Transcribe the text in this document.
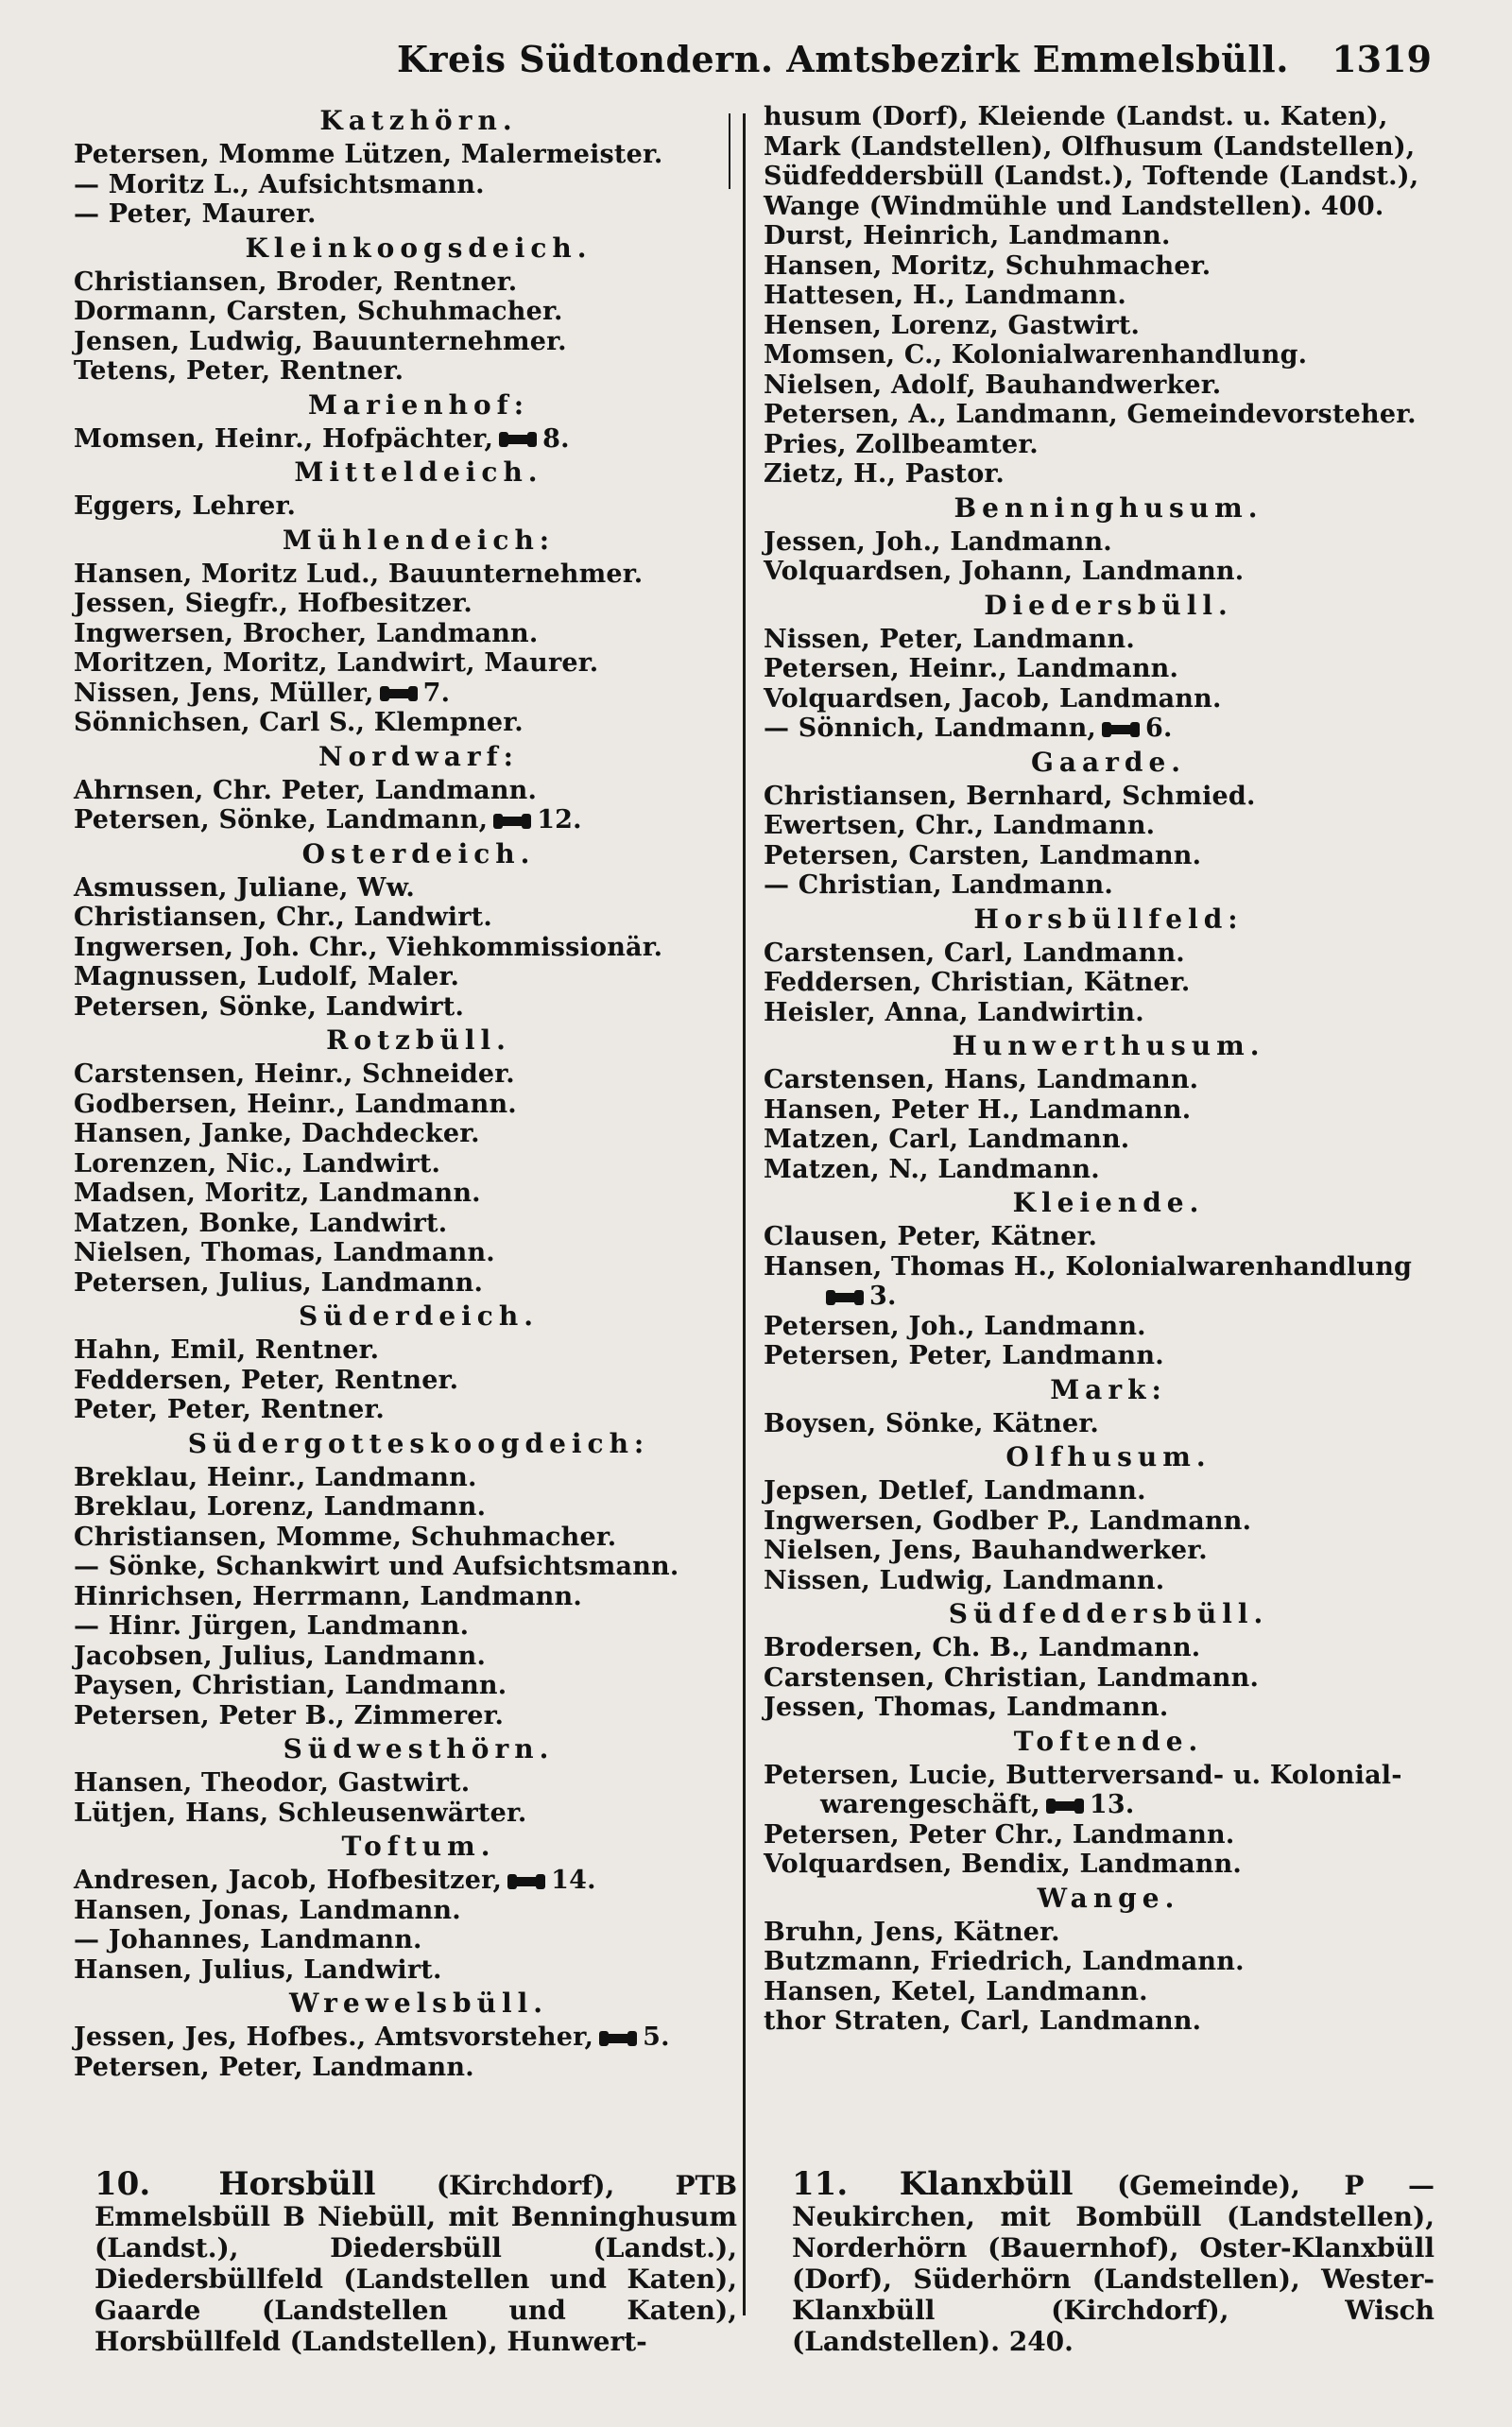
Kreis Südtondern. Amtsbezirk Emmelsbüll. 1319
Katzhörn.
Petersen, Momme Lützen, Malermeister.
— Moritz L., Aufsichtsmann.
— Peter, Maurer.
Kleinkoogsdeich.
Christiansen, Broder, Rentner.
Dormann, Carsten, Schuhmacher.
Jensen, Ludwig, Bauunternehmer.
Tetens, Peter, Rentner.
Marienhof:
Momsen, Heinr., Hofpächter, 8.
Mitteldeich.
Eggers, Lehrer.
Mühlendeich:
Hansen, Moritz Lud., Bauunternehmer.
Jessen, Siegfr., Hofbesitzer.
Ingwersen, Brocher, Landmann.
Moritzen, Moritz, Landwirt, Maurer.
Nissen, Jens, Müller, 7.
Sönnichsen, Carl S., Klempner.
Nordwarf:
Ahrnsen, Chr. Peter, Landmann.
Petersen, Sönke, Landmann, 12.
Osterdeich.
Asmussen, Juliane, Ww.
Christiansen, Chr., Landwirt.
Ingwersen, Joh. Chr., Viehkommissionär.
Magnussen, Ludolf, Maler.
Petersen, Sönke, Landwirt.
Rotzbüll.
Carstensen, Heinr., Schneider.
Godbersen, Heinr., Landmann.
Hansen, Janke, Dachdecker.
Lorenzen, Nic., Landwirt.
Madsen, Moritz, Landmann.
Matzen, Bonke, Landwirt.
Nielsen, Thomas, Landmann.
Petersen, Julius, Landmann.
Süderdeich.
Hahn, Emil, Rentner.
Feddersen, Peter, Rentner.
Peter, Peter, Rentner.
Südergotteskoogdeich:
Breklau, Heinr., Landmann.
Breklau, Lorenz, Landmann.
Christiansen, Momme, Schuhmacher.
— Sönke, Schankwirt und Aufsichtsmann.
Hinrichsen, Herrmann, Landmann.
— Hinr. Jürgen, Landmann.
Jacobsen, Julius, Landmann.
Paysen, Christian, Landmann.
Petersen, Peter B., Zimmerer.
Südwesthörn.
Hansen, Theodor, Gastwirt.
Lütjen, Hans, Schleusenwärter.
Toftum.
Andresen, Jacob, Hofbesitzer, 14.
Hansen, Jonas, Landmann.
— Johannes, Landmann.
Hansen, Julius, Landwirt.
Wrewelsbüll.
Jessen, Jes, Hofbes., Amtsvorsteher, 5.
Petersen, Peter, Landmann.
husum (Dorf), Kleiende (Landst. u. Katen),
Mark (Landstellen), Olfhusum (Landstellen),
Südfeddersbüll (Landst.), Toftende (Landst.),
Wange (Windmühle und Landstellen). 400.
Durst, Heinrich, Landmann.
Hansen, Moritz, Schuhmacher.
Hattesen, H., Landmann.
Hensen, Lorenz, Gastwirt.
Momsen, C., Kolonialwarenhandlung.
Nielsen, Adolf, Bauhandwerker.
Petersen, A., Landmann, Gemeindevorsteher.
Pries, Zollbeamter.
Zietz, H., Pastor.
Benninghusum.
Jessen, Joh., Landmann.
Volquardsen, Johann, Landmann.
Diedersbüll.
Nissen, Peter, Landmann.
Petersen, Heinr., Landmann.
Volquardsen, Jacob, Landmann.
— Sönnich, Landmann, 6.
Gaarde.
Christiansen, Bernhard, Schmied.
Ewertsen, Chr., Landmann.
Petersen, Carsten, Landmann.
— Christian, Landmann.
Horsbüllfeld:
Carstensen, Carl, Landmann.
Feddersen, Christian, Kätner.
Heisler, Anna, Landwirtin.
Hunwerthusum.
Carstensen, Hans, Landmann.
Hansen, Peter H., Landmann.
Matzen, Carl, Landmann.
Matzen, N., Landmann.
Kleiende.
Clausen, Peter, Kätner.
Hansen, Thomas H., Kolonialwarenhandlung
3.
Petersen, Joh., Landmann.
Petersen, Peter, Landmann.
Mark:
Boysen, Sönke, Kätner.
Olfhusum.
Jepsen, Detlef, Landmann.
Ingwersen, Godber P., Landmann.
Nielsen, Jens, Bauhandwerker.
Nissen, Ludwig, Landmann.
Südfeddersbüll.
Brodersen, Ch. B., Landmann.
Carstensen, Christian, Landmann.
Jessen, Thomas, Landmann.
Toftende.
Petersen, Lucie, Butterversand- u. Kolonial-
warengeschäft, 13.
Petersen, Peter Chr., Landmann.
Volquardsen, Bendix, Landmann.
Wange.
Bruhn, Jens, Kätner.
Butzmann, Friedrich, Landmann.
Hansen, Ketel, Landmann.
thor Straten, Carl, Landmann.
10. Horsbüll (Kirchdorf), PTB Emmelsbüll B Niebüll, mit Benninghusum (Landst.), Diedersbüll (Landst.), Diedersbüllfeld (Landstellen und Katen), Gaarde (Landstellen und Katen), Horsbüllfeld (Landstellen), Hunwert-
11. Klanxbüll (Gemeinde), P — Neukirchen, mit Bombüll (Landstellen), Norderhörn (Bauernhof), Oster-Klanxbüll (Dorf), Süderhörn (Landstellen), Wester-Klanxbüll (Kirchdorf), Wisch (Landstellen). 240.
